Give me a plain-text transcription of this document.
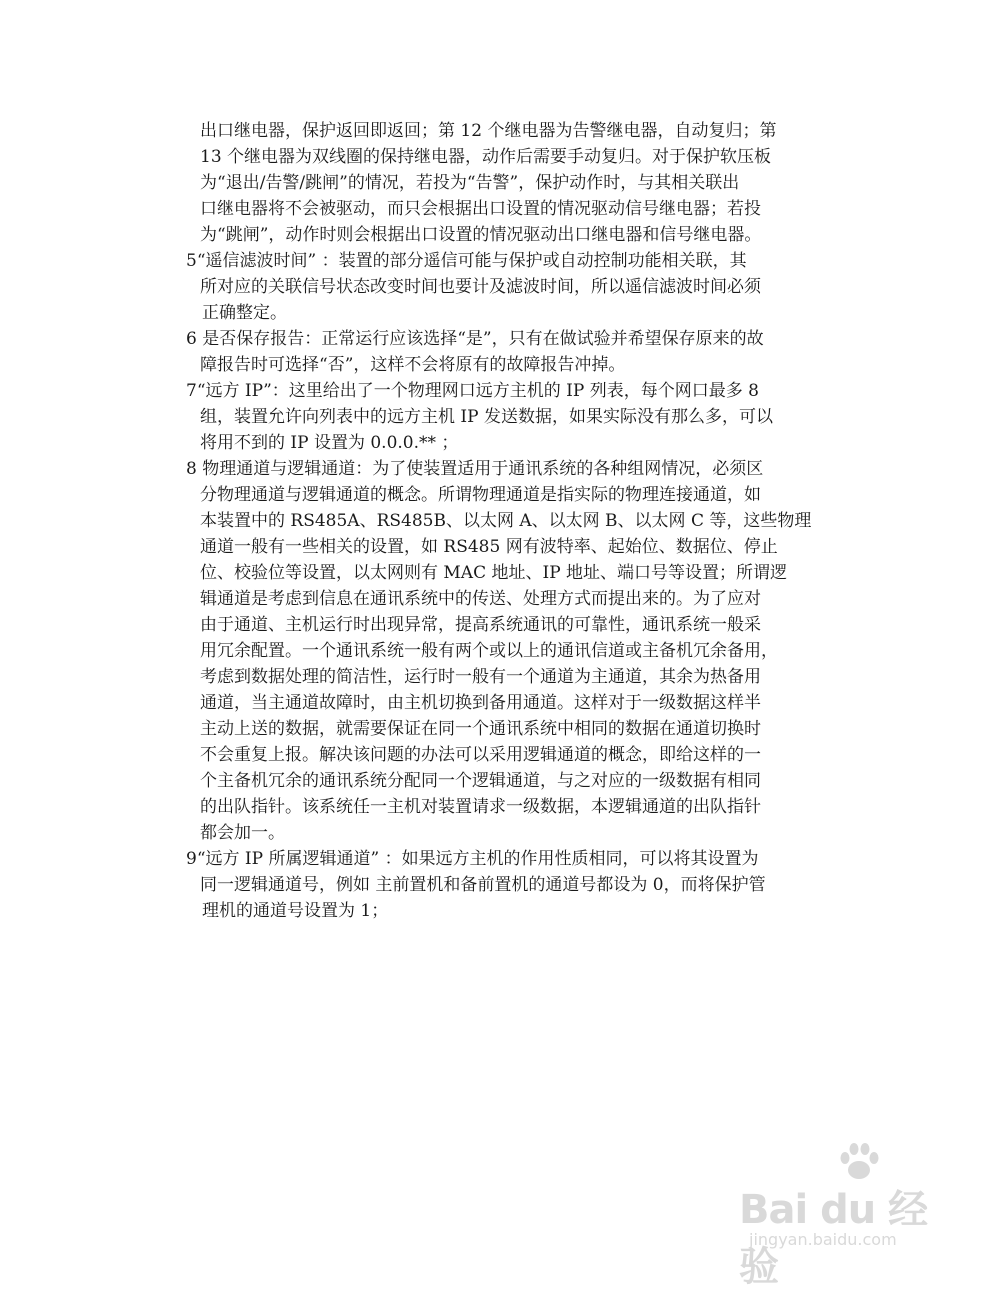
出口继电器，保护返回即返回；第 12 个继电器为告警继电器，自动复归；第

13 个继电器为双线圈的保持继电器，动作后需要手动复归。对于保护软压板

为“退出/告警/跳闸”的情况，若投为“告警”，保护动作时，与其相关联出

口继电器将不会被驱动，而只会根据出口设置的情况驱动信号继电器；若投

为“跳闸”，动作时则会根据出口设置的情况驱动出口继电器和信号继电器。

5“遥信滤波时间” ：装置的部分遥信可能与保护或自动控制功能相关联，其

所对应的关联信号状态改变时间也要计及滤波时间，所以遥信滤波时间必须

正确整定。

6 是否保存报告：正常运行应该选择“是”，只有在做试验并希望保存原来的故

障报告时可选择“否”，这样不会将原有的故障报告冲掉。

7“远方 IP”：这里给出了一个物理网口远方主机的 IP 列表，每个网口最多 8

组，装置允许向列表中的远方主机 IP 发送数据，如果实际没有那么多，可以

将用不到的 IP 设置为 0.0.0.** ；

8 物理通道与逻辑通道：为了使装置适用于通讯系统的各种组网情况，必须区

分物理通道与逻辑通道的概念。所谓物理通道是指实际的物理连接通道，如

本装置中的 RS485A、RS485B、以太网 A、以太网 B、以太网 C 等，这些物理

通道一般有一些相关的设置，如 RS485 网有波特率、起始位、数据位、停止

位、校验位等设置，以太网则有 MAC 地址、IP 地址、端口号等设置；所谓逻

辑通道是考虑到信息在通讯系统中的传送、处理方式而提出来的。为了应对

由于通道、主机运行时出现异常，提高系统通讯的可靠性，通讯系统一般采

用冗余配置。一个通讯系统一般有两个或以上的通讯信道或主备机冗余备用，

考虑到数据处理的简洁性，运行时一般有一个通道为主通道，其余为热备用

通道，当主通道故障时，由主机切换到备用通道。这样对于一级数据这样半

主动上送的数据，就需要保证在同一个通讯系统中相同的数据在通道切换时

不会重复上报。解决该问题的办法可以采用逻辑通道的概念，即给这样的一

个主备机冗余的通讯系统分配同一个逻辑通道，与之对应的一级数据有相同

的出队指针。该系统任一主机对装置请求一级数据，本逻辑通道的出队指针

都会加一。

9“远方 IP 所属逻辑通道” ：如果远方主机的作用性质相同，可以将其设置为

同一逻辑通道号，例如 主前置机和备前置机的通道号都设为 0，而将保护管

理机的通道号设置为 1；

Bai du 经验
jingyan.baidu.com
